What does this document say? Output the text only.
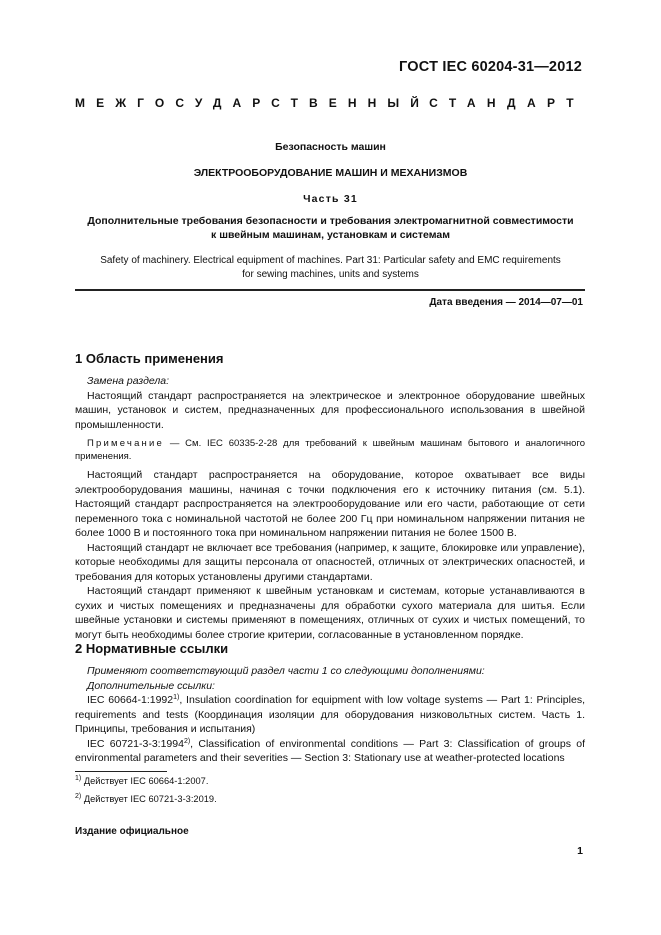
ГОСТ IEC 60204-31—2012
МЕЖГОСУДАРСТВЕННЫЙ СТАНДАРТ
Безопасность машин
ЭЛЕКТРООБОРУДОВАНИЕ МАШИН И МЕХАНИЗМОВ
Часть 31
Дополнительные требования безопасности и требования электромагнитной совместимости
к швейным машинам, установкам и системам
Safety of machinery. Electrical equipment of machines. Part 31: Particular safety and EMC requirements
for sewing machines, units and systems
Дата введения — 2014—07—01
1 Область применения

Замена раздела:

Настоящий стандарт распространяется на электрическое и электронное оборудование швейных машин, установок и систем, предназначенных для профессионального использования в швейной промышленности.

Примечание — См. IEC 60335-2-28 для требований к швейным машинам бытового и аналогичного применения.

Настоящий стандарт распространяется на оборудование, которое охватывает все виды электрооборудования машины, начиная с точки подключения его к источнику питания (см. 5.1). Настоящий стандарт распространяется на электрооборудование или его части, работающие от сети переменного тока с номинальной частотой не более 200 Гц при номинальном напряжении питания не более 1000 В и постоянного тока при номинальном напряжении питания не более 1500 В.

Настоящий стандарт не включает все требования (например, к защите, блокировке или управление), которые необходимы для защиты персонала от опасностей, отличных от электрических опасностей, и требования для которых установлены другими стандартами.

Настоящий стандарт применяют к швейным установкам и системам, которые устанавливаются в сухих и чистых помещениях и предназначены для обработки сухого материала для шитья. Если швейные установки и системы применяют в помещениях, отличных от сухих и чистых помещений, то могут быть необходимы более строгие критерии, согласованные в установленном порядке.

2 Нормативные ссылки

Применяют соответствующий раздел части 1 со следующими дополнениями:

Дополнительные ссылки:

IEC 60664-1:1992$^{1)}$, Insulation coordination for equipment with low voltage systems — Part 1: Principles, requirements and tests (Координация изоляции для оборудования низковольтных систем. Часть 1. Принципы, требования и испытания)

IEC 60721-3-3:1994$^{2)}$, Classification of environmental conditions — Part 3: Classification of groups of environmental parameters and their severities — Section 3: Stationary use at weather-protected locations

$^{1)}$ Действует IEC 60664-1:2007.
$^{2)}$ Действует IEC 60721-3-3:2019.
Издание официальное
1
